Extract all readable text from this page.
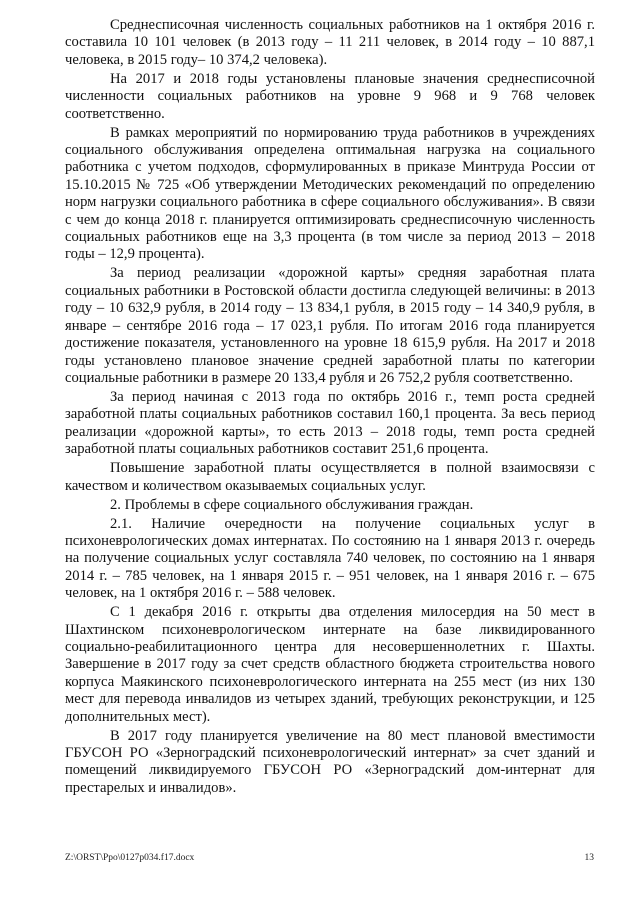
Среднесписочная численность социальных работников на 1 октября 2016 г. составила 10 101 человек (в 2013 году – 11 211 человек, в 2014 году – 10 887,1 человека, в 2015 году– 10 374,2 человека).

На 2017 и 2018 годы установлены плановые значения среднесписочной численности социальных работников на уровне 9 968 и 9 768 человек соответственно.

В рамках мероприятий по нормированию труда работников в учреждениях социального обслуживания определена оптимальная нагрузка на социального работника с учетом подходов, сформулированных в приказе Минтруда России от 15.10.2015 № 725 «Об утверждении Методических рекомендаций по определению норм нагрузки социального работника в сфере социального обслуживания». В связи с чем до конца 2018 г. планируется оптимизировать среднесписочную численность социальных работников еще на 3,3 процента (в том числе за период 2013 – 2018 годы – 12,9 процента).

За период реализации «дорожной карты» средняя заработная плата социальных работники в Ростовской области достигла следующей величины: в 2013 году – 10 632,9 рубля, в 2014 году – 13 834,1 рубля, в 2015 году – 14 340,9 рубля, в январе – сентябре 2016 года – 17 023,1 рубля. По итогам 2016 года планируется достижение показателя, установленного на уровне 18 615,9 рубля. На 2017 и 2018 годы установлено плановое значение средней заработной платы по категории социальные работники в размере 20 133,4 рубля и 26 752,2 рубля соответственно.

За период начиная с 2013 года по октябрь 2016 г., темп роста средней заработной платы социальных работников составил 160,1 процента. За весь период реализации «дорожной карты», то есть 2013 – 2018 годы, темп роста средней заработной платы социальных работников составит 251,6 процента.

Повышение заработной платы осуществляется в полной взаимосвязи с качеством и количеством оказываемых социальных услуг.

2. Проблемы в сфере социального обслуживания граждан.

2.1. Наличие очередности на получение социальных услуг в психоневрологических домах интернатах. По состоянию на 1 января 2013 г. очередь на получение социальных услуг составляла 740 человек, по состоянию на 1 января 2014 г. – 785 человек, на 1 января 2015 г. – 951 человек, на 1 января 2016 г. – 675 человек, на 1 октября 2016 г. – 588 человек.

С 1 декабря 2016 г. открыты два отделения милосердия на 50 мест в Шахтинском психоневрологическом интернате на базе ликвидированного социально-реабилитационного центра для несовершеннолетних г. Шахты. Завершение в 2017 году за счет средств областного бюджета строительства нового корпуса Маякинского психоневрологического интерната на 255 мест (из них 130 мест для перевода инвалидов из четырех зданий, требующих реконструкции, и 125 дополнительных мест).

В 2017 году планируется увеличение на 80 мест плановой вместимости ГБУСОН РО «Зерноградский психоневрологический интернат» за счет зданий и помещений ликвидируемого ГБУСОН РО «Зерноградский дом-интернат для престарелых и инвалидов».

Z:\ORST\Ppo\0127p034.f17.docx	13
